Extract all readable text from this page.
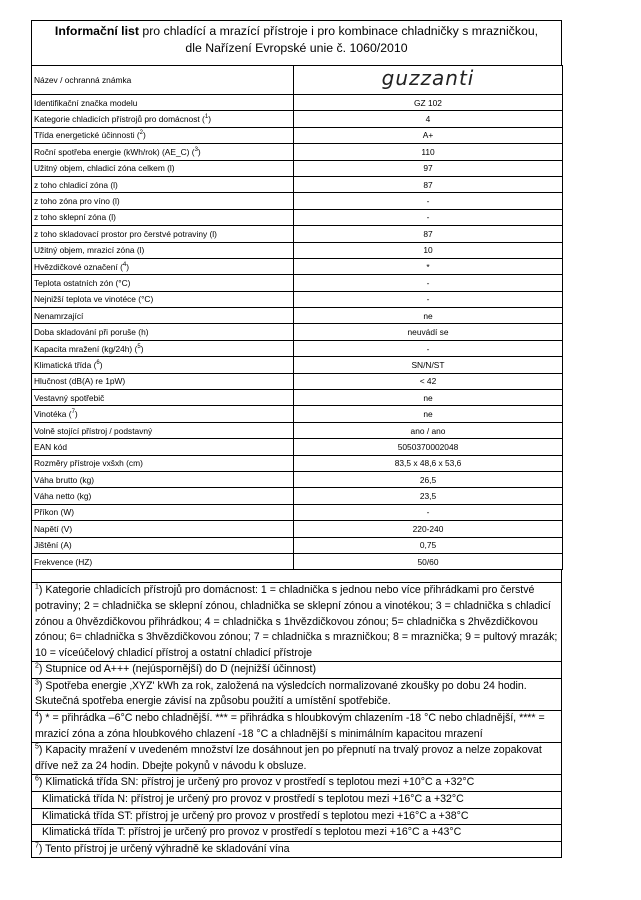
Informační list pro chladící a mrazící přístroje i pro kombinace chladničky s mrazničkou,
dle Nařízení Evropské unie č. 1060/2010
Název / ochranná známka	guzzanti
Identifikační značka modelu	GZ 102
Kategorie chladicích přístrojů pro domácnost ($^1$)	4
Třída energetické účinnosti ($^2$)	A+
Roční spotřeba energie (kWh/rok) (AE_C) ($^3$)	110
Užitný objem, chladicí zóna celkem (l)	97
z toho chladicí zóna (l)	87
z toho zóna pro víno (l)	-
z toho sklepní zóna (l)	-
z toho skladovací prostor pro čerstvé potraviny (l)	87
Užitný objem, mrazicí zóna (l)	10
Hvězdičkové označení ($^4$)	*
Teplota ostatních zón (°C)	-
Nejnižší teplota ve vinotéce (°C)	-
Nenamrzající	ne
Doba skladování při poruše (h)	neuvádí se
Kapacita mražení (kg/24h) ($^5$)	-
Klimatická třída ($^6$)	SN/N/ST
Hlučnost (dB(A) re 1pW)	< 42
Vestavný spotřebič	ne
Vinotéka ($^7$)	ne
Volně stojící přístroj / podstavný	ano / ano
EAN kód	5050370002048
Rozměry přístroje vxšxh (cm)	83,5 x 48,6 x 53,6
Váha brutto (kg)	26,5
Váha netto (kg)	23,5
Příkon (W)	-
Napětí (V)	220-240
Jištění (A)	0,75
Frekvence (HZ)	50/60
$^1$) Kategorie chladicích přístrojů pro domácnost: 1 = chladnička s jednou nebo více přihrádkami pro čerstvé potraviny; 2 = chladnička se sklepní zónou, chladnička se sklepní zónou a vinotékou; 3 = chladnička s chladicí zónou a 0hvězdičkovou přihrádkou; 4 = chladnička s 1hvězdičkovou zónou; 5= chladnička s 2hvězdičkovou zónou; 6= chladnička s 3hvězdičkovou zónou; 7 = chladnička s mrazničkou; 8 = mraznička; 9 = pultový mrazák; 10 = víceúčelový chladicí přístroj a ostatní chladicí přístroje
$^2$) Stupnice od A+++ (nejúspornější) do D (nejnižší účinnost)
$^3$) Spotřeba energie ‚XYZ' kWh za rok, založená na výsledcích normalizované zkoušky po dobu 24 hodin. Skutečná spotřeba energie závisí na způsobu použití a umístění spotřebiče.
$^4$) * = přihrádka –6°C nebo chladnější. *** = přihrádka s hloubkovým chlazením -18 °C nebo chladnější, **** = mrazicí zóna a zóna hloubkového chlazení -18 °C a chladnější s minimálním kapacitou mrazení
$^5$) Kapacity mražení v uvedeném množství lze dosáhnout jen po přepnutí na trvalý provoz a nelze zopakovat dříve než za 24 hodin. Dbejte pokynů v návodu k obsluze.
$^6$) Klimatická třída SN: přístroj je určený pro provoz v prostředí s teplotou mezi +10°C a +32°C
Klimatická třída N: přístroj je určený pro provoz v prostředí s teplotou mezi +16°C a +32°C
Klimatická třída ST: přístroj je určený pro provoz v prostředí s teplotou mezi +16°C a +38°C
Klimatická třída T: přístroj je určený pro provoz v prostředí s teplotou mezi +16°C a +43°C
$^7$) Tento přístroj je určený výhradně ke skladování vína
